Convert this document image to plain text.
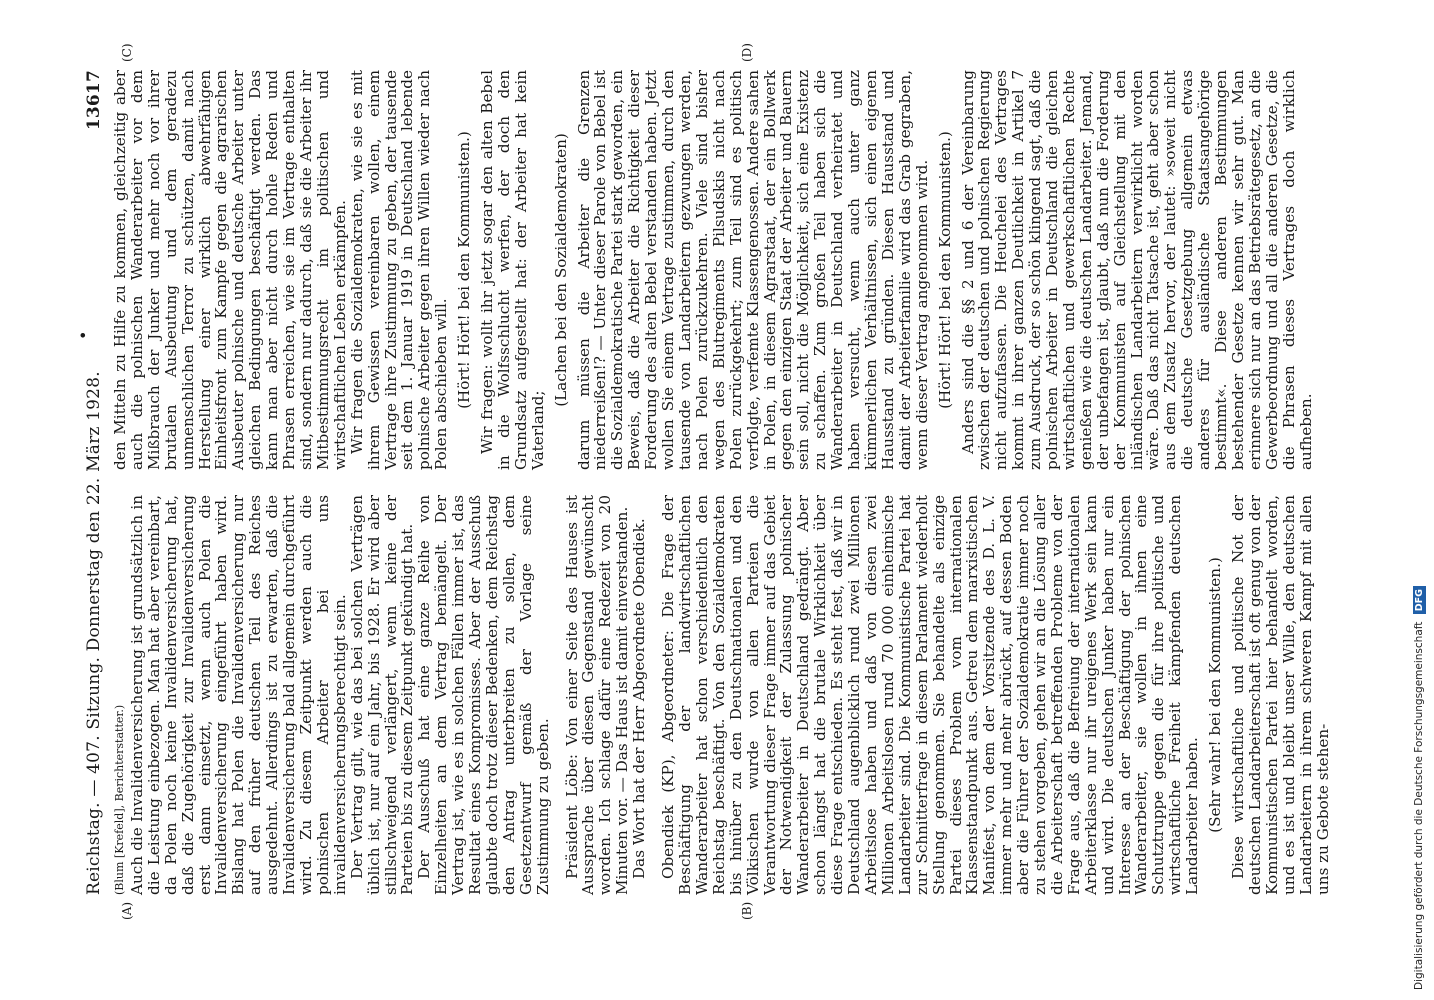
Reichstag. — 407. Sitzung. Donnerstag den 22. März 1928.
•
13617
(A)	(B)
(C)	(D)

(Blum [Krefeld], Berichterstatter.) Auch die Invalidenversicherung ist grundsätzlich in die Leistung einbezogen. Man hat aber vereinbart, da Polen noch keine Invalidenversicherung hat, daß die Zugehörigkeit zur Invalidenversicherung erst dann einsetzt, wenn auch Polen die Invalidenversicherung eingeführt haben wird. Bislang hat Polen die Invalidenversicherung nur auf den früher deutschen Teil des Reiches ausgedehnt. Allerdings ist zu erwarten, daß die Invalidenversicherung bald allgemein durchgeführt wird. Zu diesem Zeitpunkt werden auch die polnischen Arbeiter bei uns invalidenversicherungsberechtigt sein.

Der Vertrag gilt, wie das bei solchen Verträgen üblich ist, nur auf ein Jahr, bis 1928. Er wird aber stillschweigend verlängert, wenn keine der Parteien bis zu diesem Zeitpunkt gekündigt hat.

Der Ausschuß hat eine ganze Reihe von Einzelheiten an dem Vertrag bemängelt. Der Vertrag ist, wie es in solchen Fällen immer ist, das Resultat eines Kompromisses. Aber der Ausschuß glaubte doch trotz dieser Bedenken, dem Reichstag den Antrag unterbreiten zu sollen, dem Gesetzentwurf gemäß der Vorlage seine Zustimmung zu geben. Präsident Löbe: Von einer Seite des Hauses ist Aussprache über diesen Gegenstand gewünscht worden. Ich schlage dafür eine Redezeit von 20 Minuten vor. — Das Haus ist damit einverstanden.

Das Wort hat der Herr Abgeordnete Obendiek. Obendiek (KP), Abgeordneter: Die Frage der Beschäftigung der landwirtschaftlichen Wanderarbeiter hat schon verschiedentlich den Reichstag beschäftigt. Von den Sozialdemokraten bis hinüber zu den Deutschnationalen und den Völkischen wurde von allen Parteien die Verantwortung dieser Frage immer auf das Gebiet der Notwendigkeit der Zulassung polnischer Wanderarbeiter in Deutschland gedrängt. Aber schon längst hat die brutale Wirklichkeit über diese Frage entschieden. Es steht fest, daß wir in Deutschland augenblicklich rund zwei Millionen Arbeitslose haben und daß von diesen zwei Millionen Arbeitslosen rund 70 000 einheimische Landarbeiter sind. Die Kommunistische Partei hat zur Schnitterfrage in diesem Parlament wiederholt Stellung genommen. Sie behandelte als einzige Partei dieses Problem vom internationalen Klassenstandpunkt aus. Getreu dem marxistischen Manifest, von dem der Vorsitzende des D. L. V. immer mehr und mehr abrückt, auf dessen Boden aber die Führer der Sozialdemokratie immer noch zu stehen vorgeben, gehen wir an die Lösung aller die Arbeiterschaft betreffenden Probleme von der Frage aus, daß die Befreiung der internationalen Arbeiterklasse nur ihr ureigenes Werk sein kann und wird. Die deutschen Junker haben nur ein Interesse an der Beschäftigung der polnischen Wanderarbeiter, sie wollen in ihnen eine Schutztruppe gegen die für ihre politische und wirtschaftliche Freiheit kämpfenden deutschen Landarbeiter haben. (Sehr wahr! bei den Kommunisten.) Diese wirtschaftliche und politische Not der deutschen Landarbeiterschaft ist oft genug von der Kommunistischen Partei hier behandelt worden, und es ist und bleibt unser Wille, den deutschen Landarbeitern in ihrem schweren Kampf mit allen uns zu Gebote stehen-

den Mitteln zu Hilfe zu kommen, gleichzeitig aber auch die polnischen Wanderarbeiter vor dem Mißbrauch der Junker und mehr noch vor ihrer brutalen Ausbeutung und dem geradezu unmenschlichen Terror zu schützen, damit nach Herstellung einer wirklich abwehrfähigen Einheitsfront zum Kampfe gegen die agrarischen Ausbeuter polnische und deutsche Arbeiter unter gleichen Bedingungen beschäftigt werden. Das kann man aber nicht durch hohle Reden und Phrasen erreichen, wie sie im Vertrage enthalten sind, sondern nur dadurch, daß sie die Arbeiter ihr Mitbestimmungsrecht im politischen und wirtschaftlichen Leben erkämpfen.

Wir fragen die Sozialdemokraten, wie sie es mit ihrem Gewissen vereinbaren wollen, einem Vertrage ihre Zustimmung zu geben, der tausende seit dem 1. Januar 1919 in Deutschland lebende polnische Arbeiter gegen ihren Willen wieder nach Polen abschieben will. (Hört! Hört! bei den Kommunisten.) Wir fragen: wollt ihr jetzt sogar den alten Bebel in die Wolfsschlucht werfen, der doch den Grundsatz aufgestellt hat: der Arbeiter hat kein Vaterland;

(Lachen bei den Sozialdemokraten) darum müssen die Arbeiter die Grenzen niederreißen!? — Unter dieser Parole von Bebel ist die Sozialdemokratische Partei stark geworden, ein Beweis, daß die Arbeiter die Richtigkeit dieser Forderung des alten Bebel verstanden haben. Jetzt wollen Sie einem Vertrage zustimmen, durch den tausende von Landarbeitern gezwungen werden, nach Polen zurückzukehren. Viele sind bisher wegen des Blutregiments Pilsudskis nicht nach Polen zurückgekehrt; zum Teil sind es politisch verfolgte, verfemte Klassengenossen. Andere sahen in Polen, in diesem Agrarstaat, der ein Bollwerk gegen den einzigen Staat der Arbeiter und Bauern sein soll, nicht die Möglichkeit, sich eine Existenz zu schaffen. Zum großen Teil haben sich die Wanderarbeiter in Deutschland verheiratet und haben versucht, wenn auch unter ganz kümmerlichen Verhältnissen, sich einen eigenen Hausstand zu gründen. Diesen Hausstand und damit der Arbeiterfamilie wird das Grab gegraben, wenn dieser Vertrag angenommen wird. (Hört! Hört! bei den Kommunisten.) Anders sind die §§ 2 und 6 der Vereinbarung zwischen der deutschen und polnischen Regierung nicht aufzufassen. Die Heuchelei des Vertrages kommt in ihrer ganzen Deutlichkeit in Artikel 7 zum Ausdruck, der so schön klingend sagt, daß die polnischen Arbeiter in Deutschland die gleichen wirtschaftlichen und gewerkschaftlichen Rechte genießen wie die deutschen Landarbeiter. Jemand, der unbefangen ist, glaubt, daß nun die Forderung der Kommunisten auf Gleichstellung mit den inländischen Landarbeitern verwirklicht worden wäre. Daß das nicht Tatsache ist, geht aber schon aus dem Zusatz hervor, der lautet: »soweit nicht die deutsche Gesetzgebung allgemein etwas anderes für ausländische Staatsangehörige bestimmt«. Diese anderen Bestimmungen bestehender Gesetze kennen wir sehr gut. Man erinnere sich nur an das Betriebsrätegesetz, an die Gewerbeordnung und all die anderen Gesetze, die die Phrasen dieses Vertrages doch wirklich aufheben.

Digitalisierung gefördert durch die Deutsche Forschungsgemeinschaft DFG
